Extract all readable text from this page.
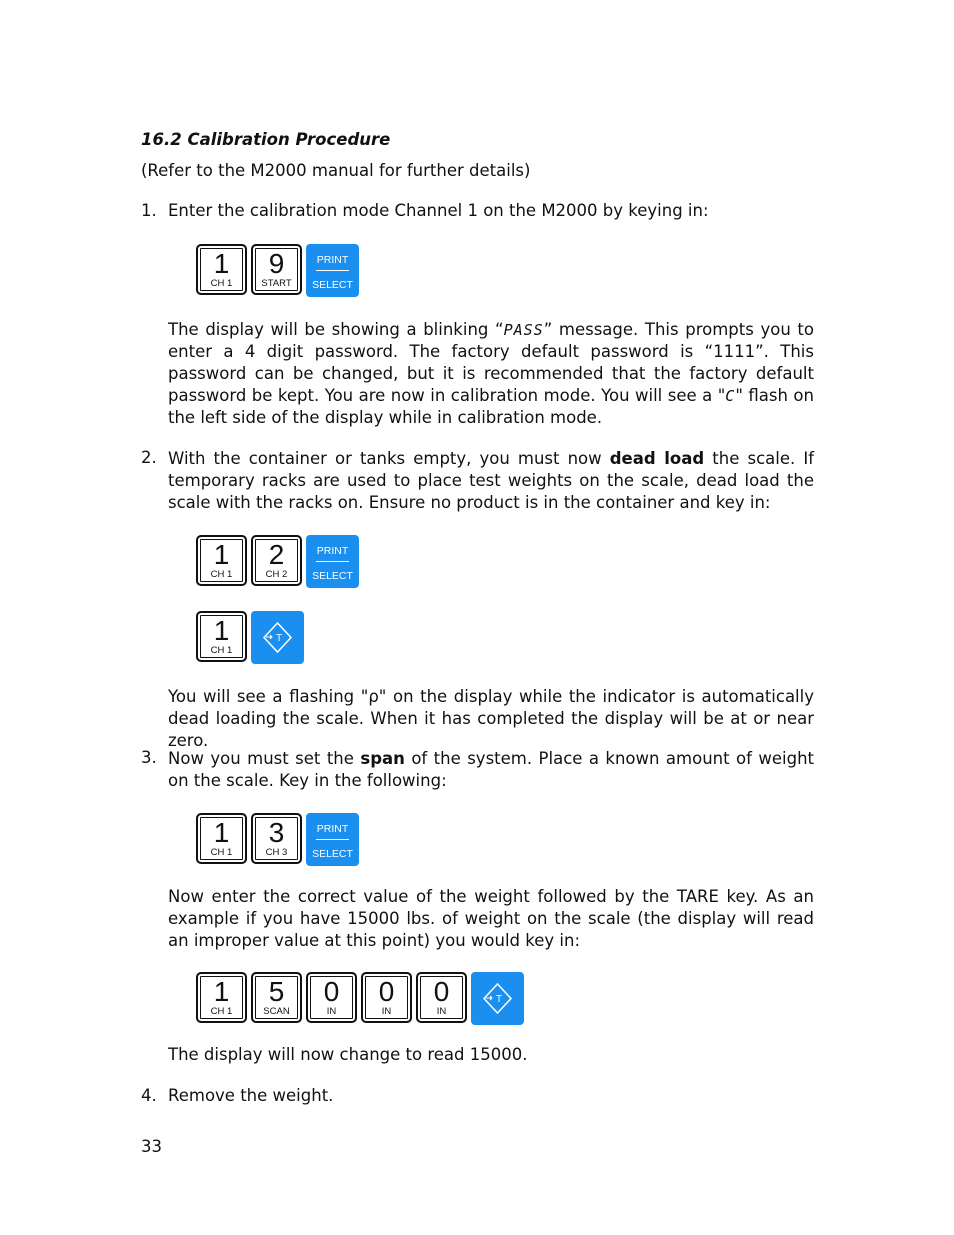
16.2 Calibration Procedure
(Refer to the M2000 manual for further details)
1. Enter the calibration mode Channel 1 on the M2000 by keying in:
1
CH 1
9
START
PRINT
SELECT
The display will be showing a blinking “PASS” message. This prompts you to enter a 4 digit password. The factory default password is “1111”. This password can be changed, but it is recommended that the factory default password be kept. You are now in calibration mode. You will see a "C" flash on the left side of the display while in calibration mode.
2. With the container or tanks empty, you must now dead load the scale. If temporary racks are used to place test weights on the scale, dead load the scale with the racks on. Ensure no product is in the container and key in:
1
CH 1
2
CH 2
PRINT
SELECT
1
CH 1
T
You will see a flashing "ρ" on the display while the indicator is automatically dead loading the scale. When it has completed the display will be at or near zero.
3. Now you must set the span of the system. Place a known amount of weight on the scale. Key in the following:
1
CH 1
3
CH 3
PRINT
SELECT
Now enter the correct value of the weight followed by the TARE key. As an example if you have 15000 lbs. of weight on the scale (the display will read an improper value at this point) you would key in:
1
CH 1
5
SCAN
0
IN
0
IN
0
IN
T
The display will now change to read 15000.
4. Remove the weight.
33
